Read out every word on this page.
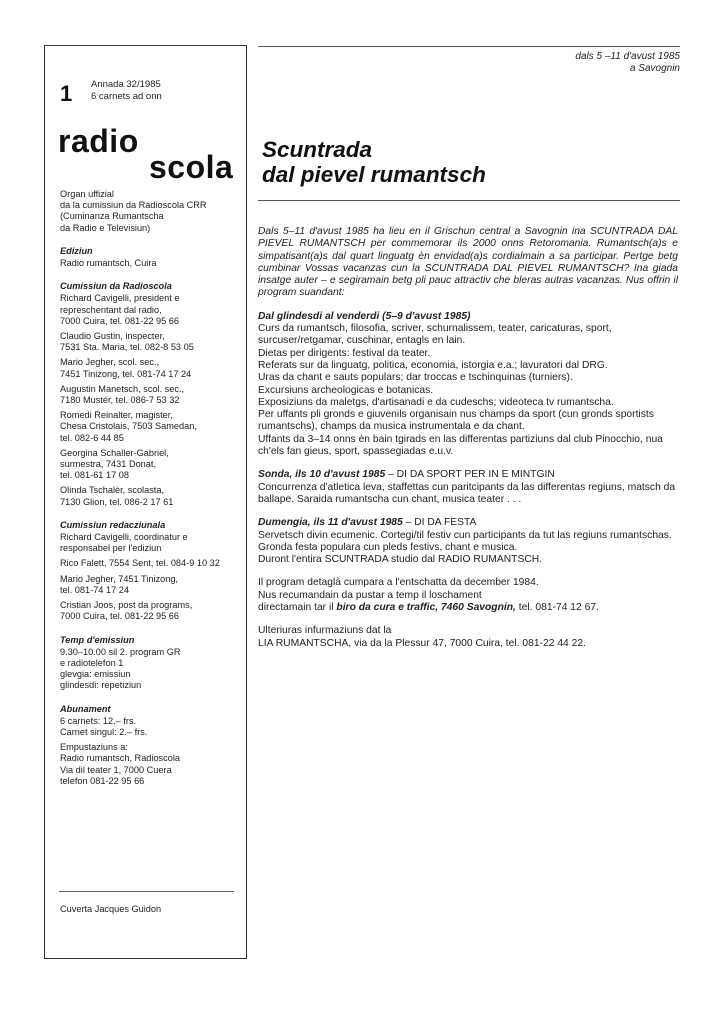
1 Annada 32/1985
6 carnets ad onn
radio
scola

Organ uffizial

da la cumissiun da Radioscola CRR

(Cuminanza Rumantscha

da Radio e Televisiun)

Ediziun

Radio rumantsch, Cuira

Cumissiun da Radioscola

Richard Cavigelli, president e

represchentant dal radio,

7000 Cuira, tel. 081-22 95 66

Claudio Gustin, inspecter,

7531 Sta. Maria, tel. 082-8 53 05

Mario Jegher, scol. sec.,

7451 Tinizong, tel. 081-74 17 24

Augustin Manetsch, scol. sec.,

7180 Mustér, tel. 086-7 53 32

Romedi Reinalter, magister,

Chesa Cristolais, 7503 Samedan,

tel. 082-6 44 85

Georgina Schaller-Gabriel,

surmestra, 7431 Donat,

tel. 081-61 17 08

Olinda Tschalèr, scolasta,

7130 Glion, tel. 086-2 17 61

Cumissiun redacziunala

Richard Cavigelli, coordinatur e

responsabel per l'ediziun

Rico Falett, 7554 Sent, tel. 084-9 10 32

Mario Jegher, 7451 Tinizong,

tel. 081-74 17 24

Cristian Joos, post da programs,

7000 Cuira, tel. 081-22 95 66

Temp d'emissiun

9.30–10.00 sil 2. program GR

e radiotelefon 1

glevgia: emissiun

glindesdi: repetiziun

Abunament

6 carnets: 12.– frs.

Carnet singul: 2.– frs.

Empustaziuns a:

Radio rumantsch, Radioscola

Via dil teater 1, 7000 Cuera

telefon 081-22 95 66

Cuverta Jacques Guidon
dals 5 –11 d'avust 1985
a Savognin
Scuntrada
dal pievel rumantsch

Dals 5–11 d'avust 1985 ha lieu en il Grischun central a Savognin ina SCUNTRADA DAL PIEVEL RUMANTSCH per commemorar ils 2000 onns Retoromania. Rumantsch(a)s e simpatisant(a)s dal quart linguatg èn envidad(a)s cordialmain a sa participar. Pertge betg cumbinar Vossas vacanzas cun la SCUNTRADA DAL PIEVEL RUMANTSCH? Ina giada insatge auter – e segiramain betg pli pauc attractiv che bleras autras vacanzas. Nus offrin il program suandant:

Dal glindesdi al venderdi (5–9 d'avust 1985)

Curs da rumantsch, filosofia, scriver, schurnalissem, teater, caricaturas, sport, surcuser/retgamar, cuschinar, entagls en lain.

Dietas per dirigents: festival da teater.

Referats sur da linguatg, politica, economia, istorgia e.a.; lavuratori dal DRG.

Uras da chant e sauts populars; dar troccas e tschinquinas (turniers).

Excursiuns archeologicas e botanicas.

Exposiziuns da maletgs, d'artisanadi e da cudeschs; videoteca tv rumantscha.

Per uffants pli gronds e giuvenils organisain nus champs da sport (cun gronds sportists rumantschs), champs da musica instrumentala e da chant.

Uffants da 3–14 onns èn bain tgirads en las differentas partiziuns dal club Pinocchio, nua ch'els fan gieus, sport, spassegiadas e.u.v.

Sonda, ils 10 d'avust 1985 – DI DA SPORT PER IN E MINTGIN

Concurrenza d'atletica leva, staffettas cun paritcipants da las differentas regiuns, matsch da ballape. Saraida rumantscha cun chant, musica teater . . .

Dumengia, ils 11 d'avust 1985 – DI DA FESTA

Servetsch divin ecumenic. Cortegi/til festiv cun participants da tut las regiuns rumantschas. Gronda festa populara cun pleds festivs, chant e musica.

Duront l'entira SCUNTRADA studio dal RADIO RUMANTSCH.

Il program detaglà cumpara a l'entschatta da december 1984.

Nus recumandain da pustar a temp il loschament

directamain tar il biro da cura e traffic, 7460 Savognin, tel. 081-74 12 67.

Ulteriuras infurmaziuns dat la

LIA RUMANTSCHA, via da la Plessur 47, 7000 Cuira, tel. 081-22 44 22.
